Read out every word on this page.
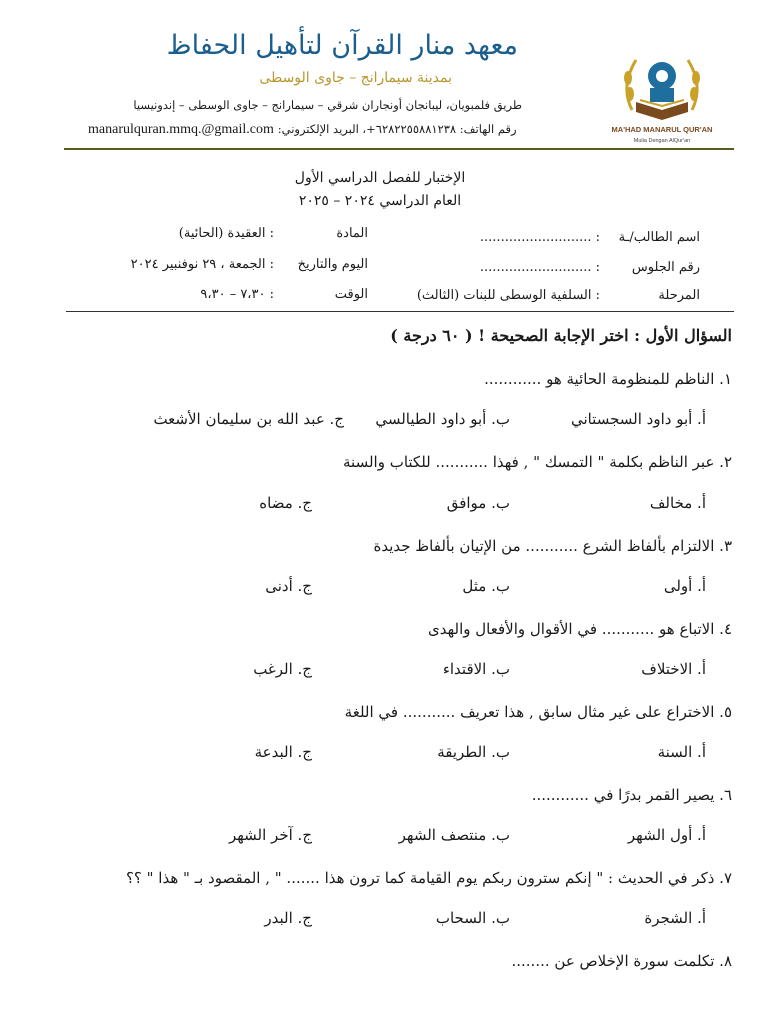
MA'HAD MANARUL QUR'AN
Mulia Dengan AlQur'an
معهد منار القرآن لتأهيل الحفاظ
بمدينة سيمارانج – جاوى الوسطى
طريق فلمبويان، ليبانجان أونجاران شرقي – سيمارانج – جاوى الوسطى – إندونيسيا
manarulquran.mmq.@gmail.com رقم الهاتف: ٦٢٨٢٢٥٥٨٨١٢٣٨+، البريد الإلكتروني:
الإختبار للفصل الدراسي الأول
العام الدراسي ٢٠٢٤ – ٢٠٢٥
اسم الطالب/ـة
: ...........................
المادة
: العقيدة (الحائية)
رقم الجلوس
: ...........................
اليوم والتاريخ
: الجمعة ، ٢٩ نوفنبير ٢٠٢٤
المرحلة
: السلفية الوسطى للبنات (الثالث)
الوقت
: ٧،٣٠ – ٩،٣٠
السؤال الأول : اختر الإجابة الصحيحة ! ( ٦٠ درجة )
١. الناظم للمنظومة الحائية هو ............
أ. أبو داود السجستاني
ب. أبو داود الطيالسي
ج. عبد الله بن سليمان الأشعث
٢. عبر الناظم بكلمة " التمسك " , فهذا ........... للكتاب والسنة
أ. مخالف
ب. موافق
ج. مضاه
٣. الالتزام بألفاظ الشرع ........... من الإتيان بألفاظ جديدة
أ. أولى
ب. مثل
ج. أدنى
٤. الاتباع هو ........... في الأقوال والأفعال والهدى
أ. الاختلاف
ب. الاقتداء
ج. الرغب
٥. الاختراع على غير مثال سابق , هذا تعريف ........... في اللغة
أ. السنة
ب. الطريقة
ج. البدعة
٦. يصير القمر بدرًا في ............
أ. أول الشهر
ب. منتصف الشهر
ج. آخر الشهر
٧. ذكر في الحديث : " إنكم سترون ربكم يوم القيامة كما ترون هذا ....... " , المقصود بـ " هذا " ؟؟
أ. الشجرة
ب. السحاب
ج. البدر
٨. تكلمت سورة الإخلاص عن ........
